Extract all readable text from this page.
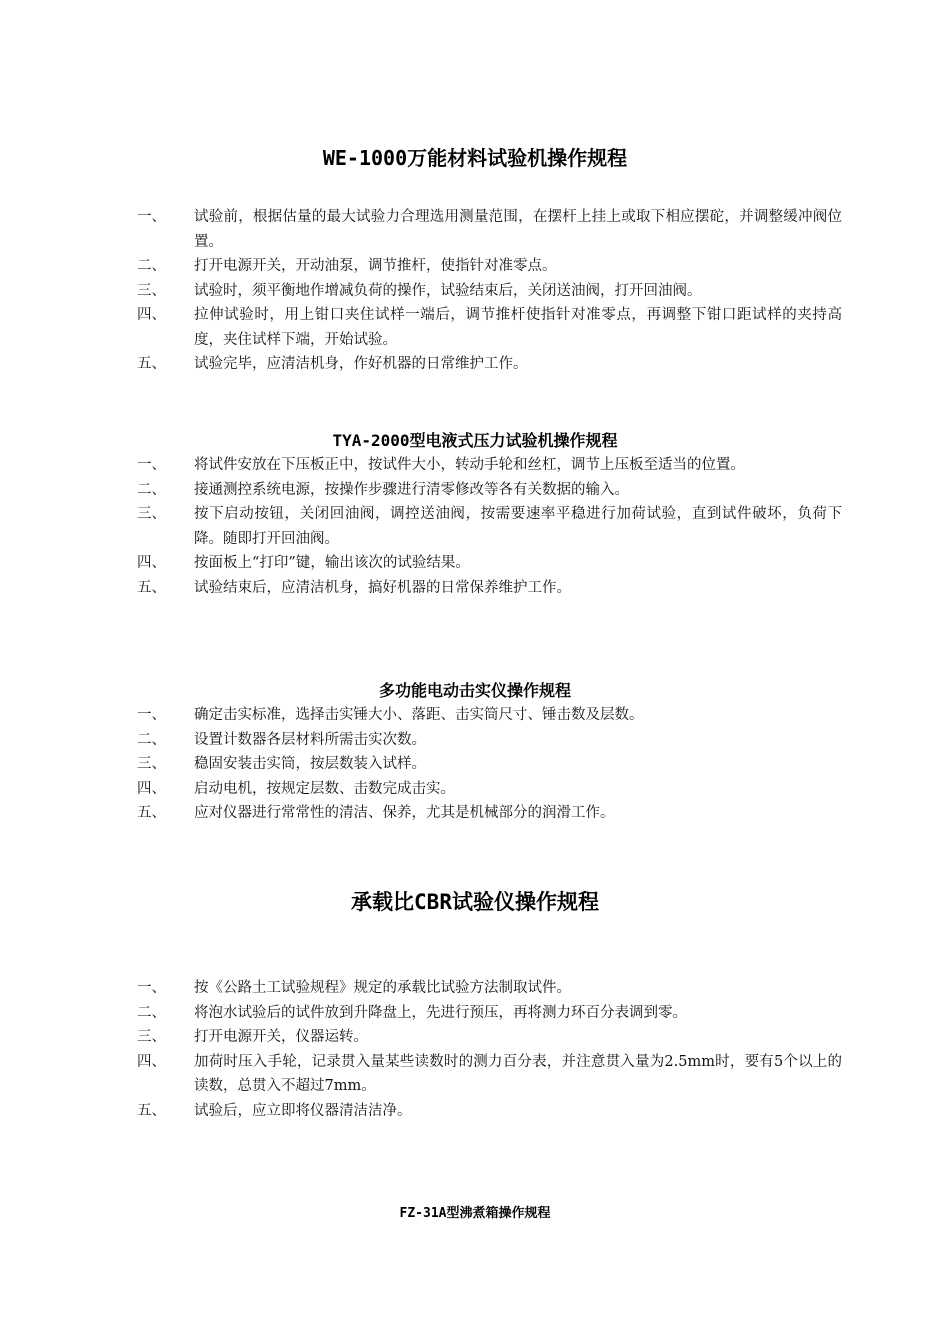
WE-1000万能材料试验机操作规程
一、	试验前，根据估量的最大试验力合理选用测量范围，在摆杆上挂上或取下相应摆砣，并调整缓冲阀位置。
二、	打开电源开关，开动油泵，调节推杆，使指针对准零点。
三、	试验时，须平衡地作增减负荷的操作，试验结束后，关闭送油阀，打开回油阀。
四、	拉伸试验时，用上钳口夹住试样一端后，调节推杆使指针对准零点，再调整下钳口距试样的夹持高度，夹住试样下端，开始试验。
五、	试验完毕，应清洁机身，作好机器的日常维护工作。
TYA-2000型电液式压力试验机操作规程
一、	将试件安放在下压板正中，按试件大小，转动手轮和丝杠，调节上压板至适当的位置。
二、	接通测控系统电源，按操作步骤进行清零修改等各有关数据的输入。
三、	按下启动按钮，关闭回油阀，调控送油阀，按需要速率平稳进行加荷试验，直到试件破坏，负荷下降。随即打开回油阀。
四、	按面板上“打印”键，输出该次的试验结果。
五、	试验结束后，应清洁机身，搞好机器的日常保养维护工作。
多功能电动击实仪操作规程
一、	确定击实标准，选择击实锤大小、落距、击实筒尺寸、锤击数及层数。
二、	设置计数器各层材料所需击实次数。
三、	稳固安装击实筒，按层数装入试样。
四、	启动电机，按规定层数、击数完成击实。
五、	应对仪器进行常常性的清洁、保养，尤其是机械部分的润滑工作。
承载比CBR试验仪操作规程
一、	按《公路土工试验规程》规定的承载比试验方法制取试件。
二、	将泡水试验后的试件放到升降盘上，先进行预压，再将测力环百分表调到零。
三、	打开电源开关，仪器运转。
四、	加荷时压入手轮，记录贯入量某些读数时的测力百分表，并注意贯入量为2.5mm时，要有5个以上的读数，总贯入不超过7mm。
五、	试验后，应立即将仪器清洁洁净。
FZ-31A型沸煮箱操作规程
